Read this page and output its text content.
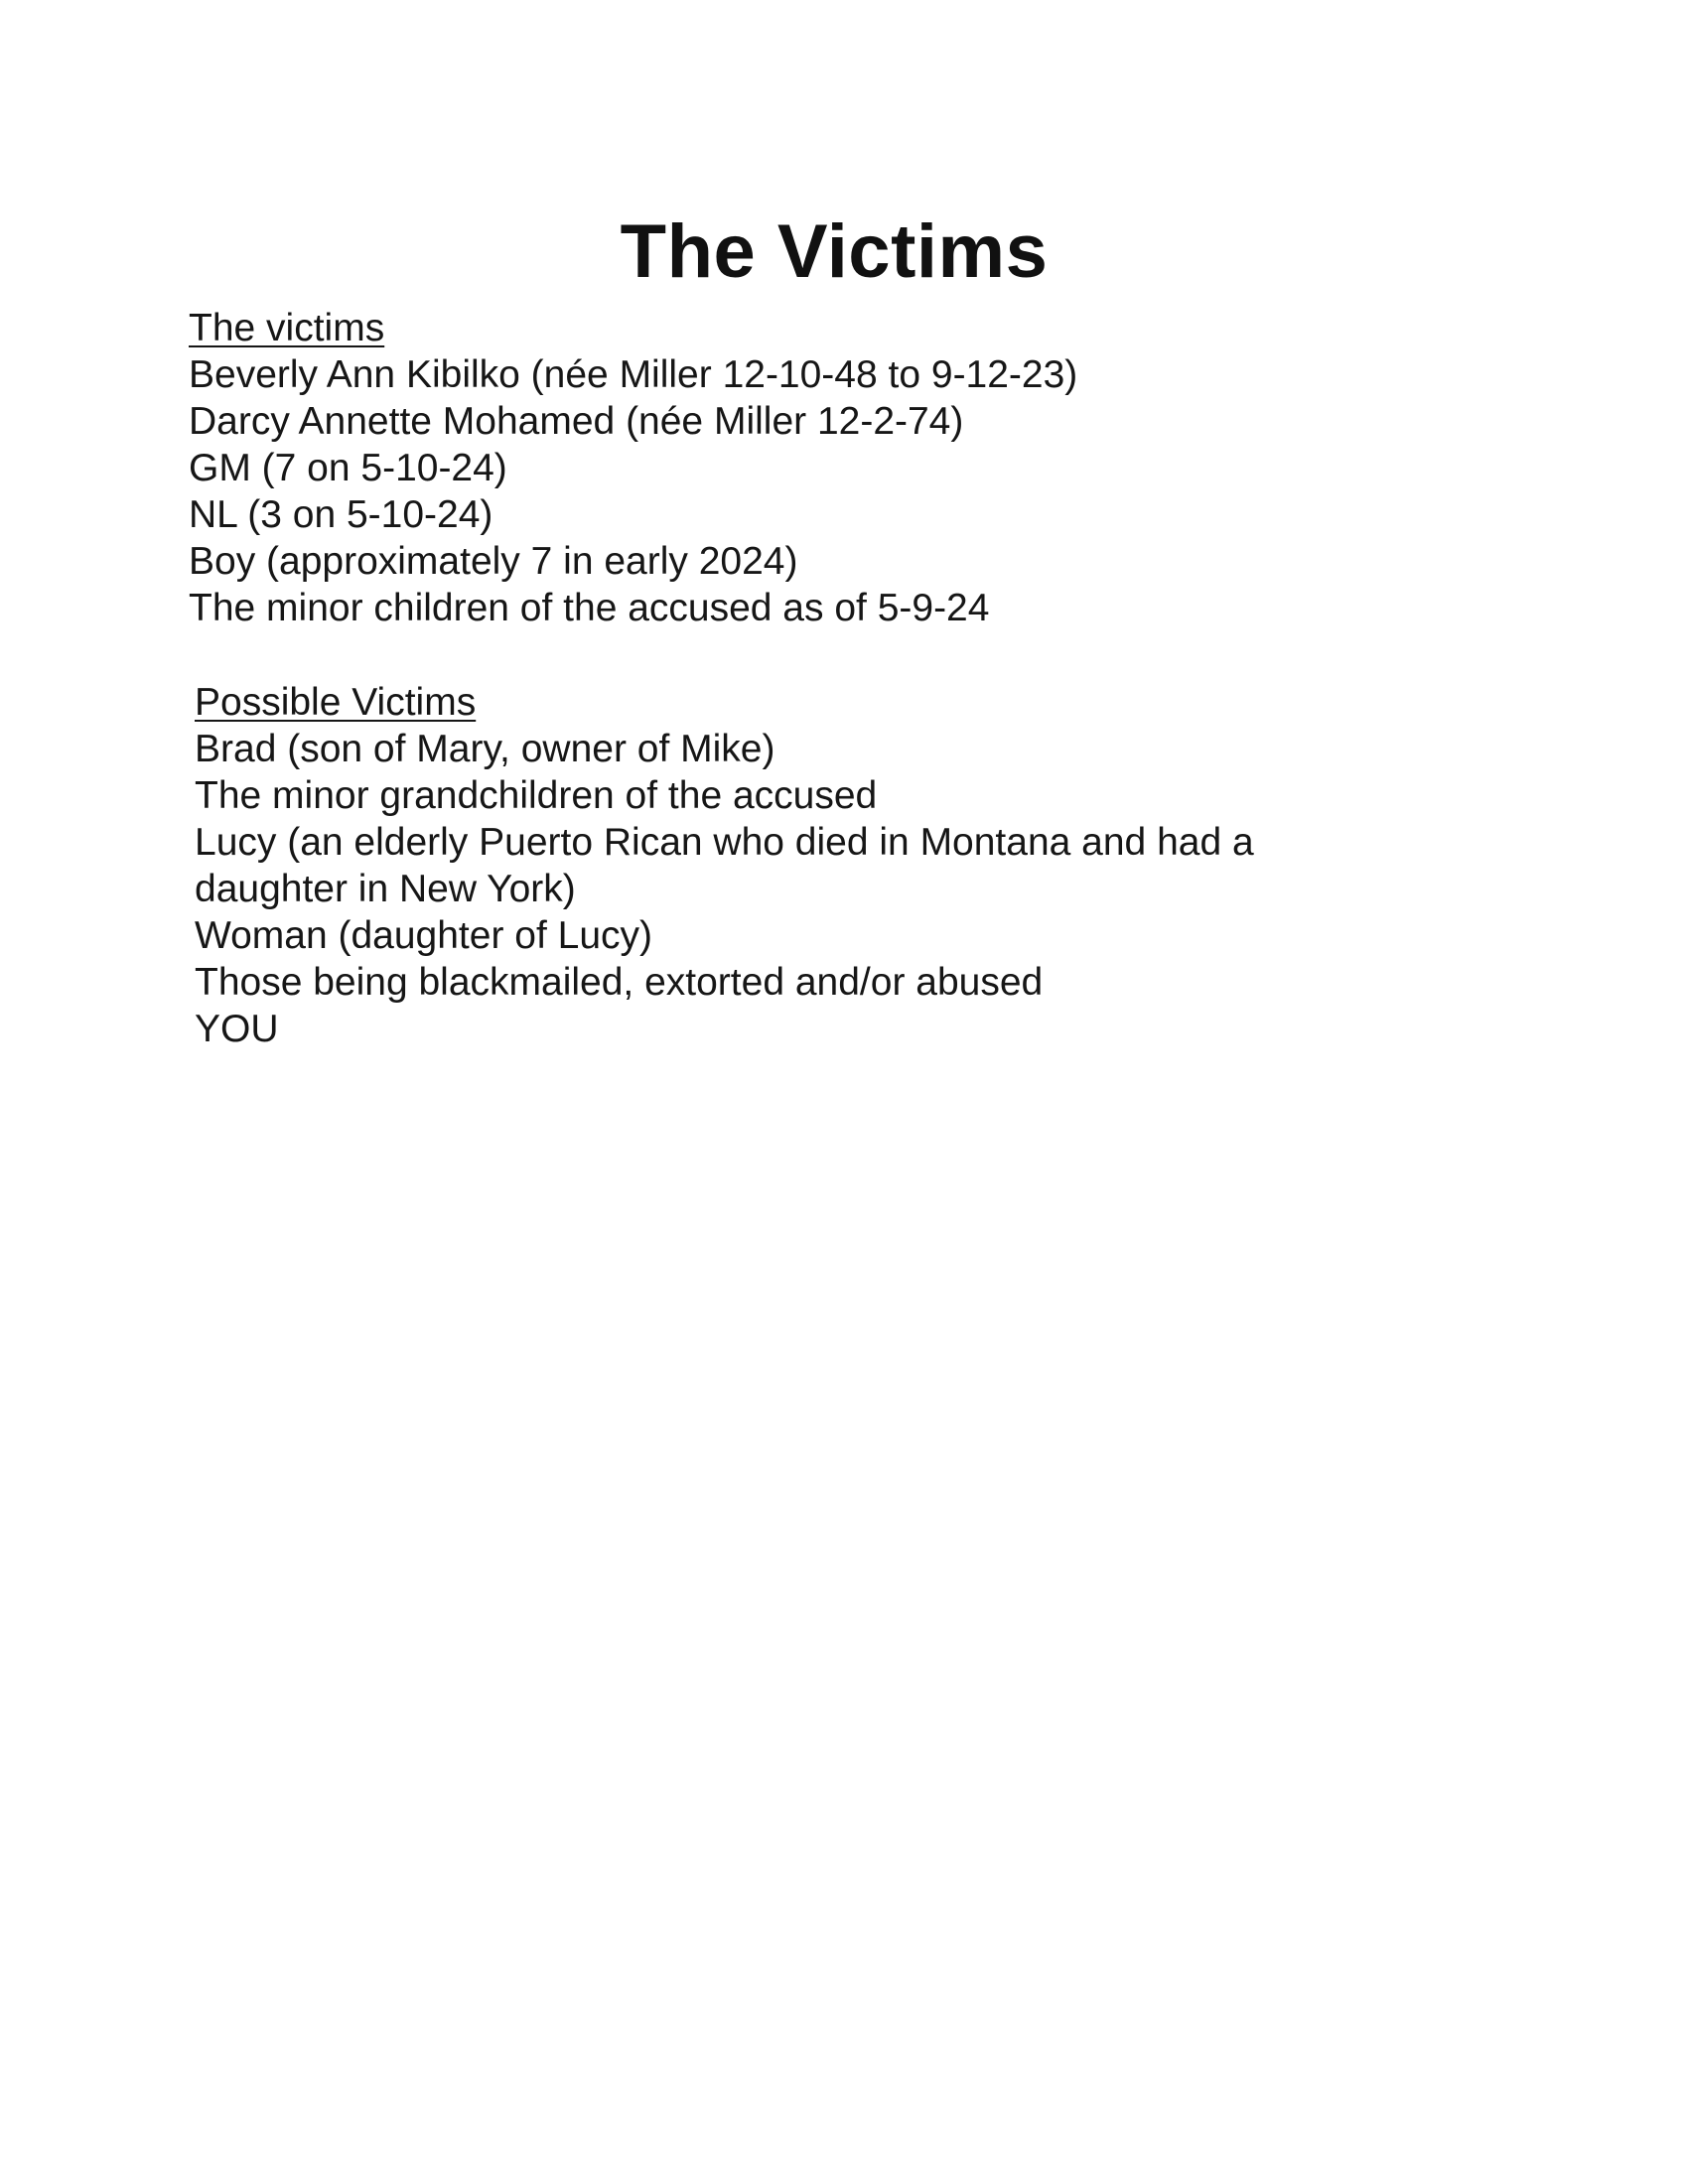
The Victims
The victims
Beverly Ann Kibilko (née Miller 12-10-48 to 9-12-23)
Darcy Annette Mohamed (née Miller 12-2-74)
GM (7 on 5-10-24)
NL (3 on 5-10-24)
Boy (approximately 7 in early 2024)
The minor children of the accused as of 5-9-24
Possible Victims
Brad (son of Mary, owner of Mike)
The minor grandchildren of the accused
Lucy (an elderly Puerto Rican who died in Montana and had a
daughter in New York)
Woman (daughter of Lucy)
Those being blackmailed, extorted and/or abused
YOU
